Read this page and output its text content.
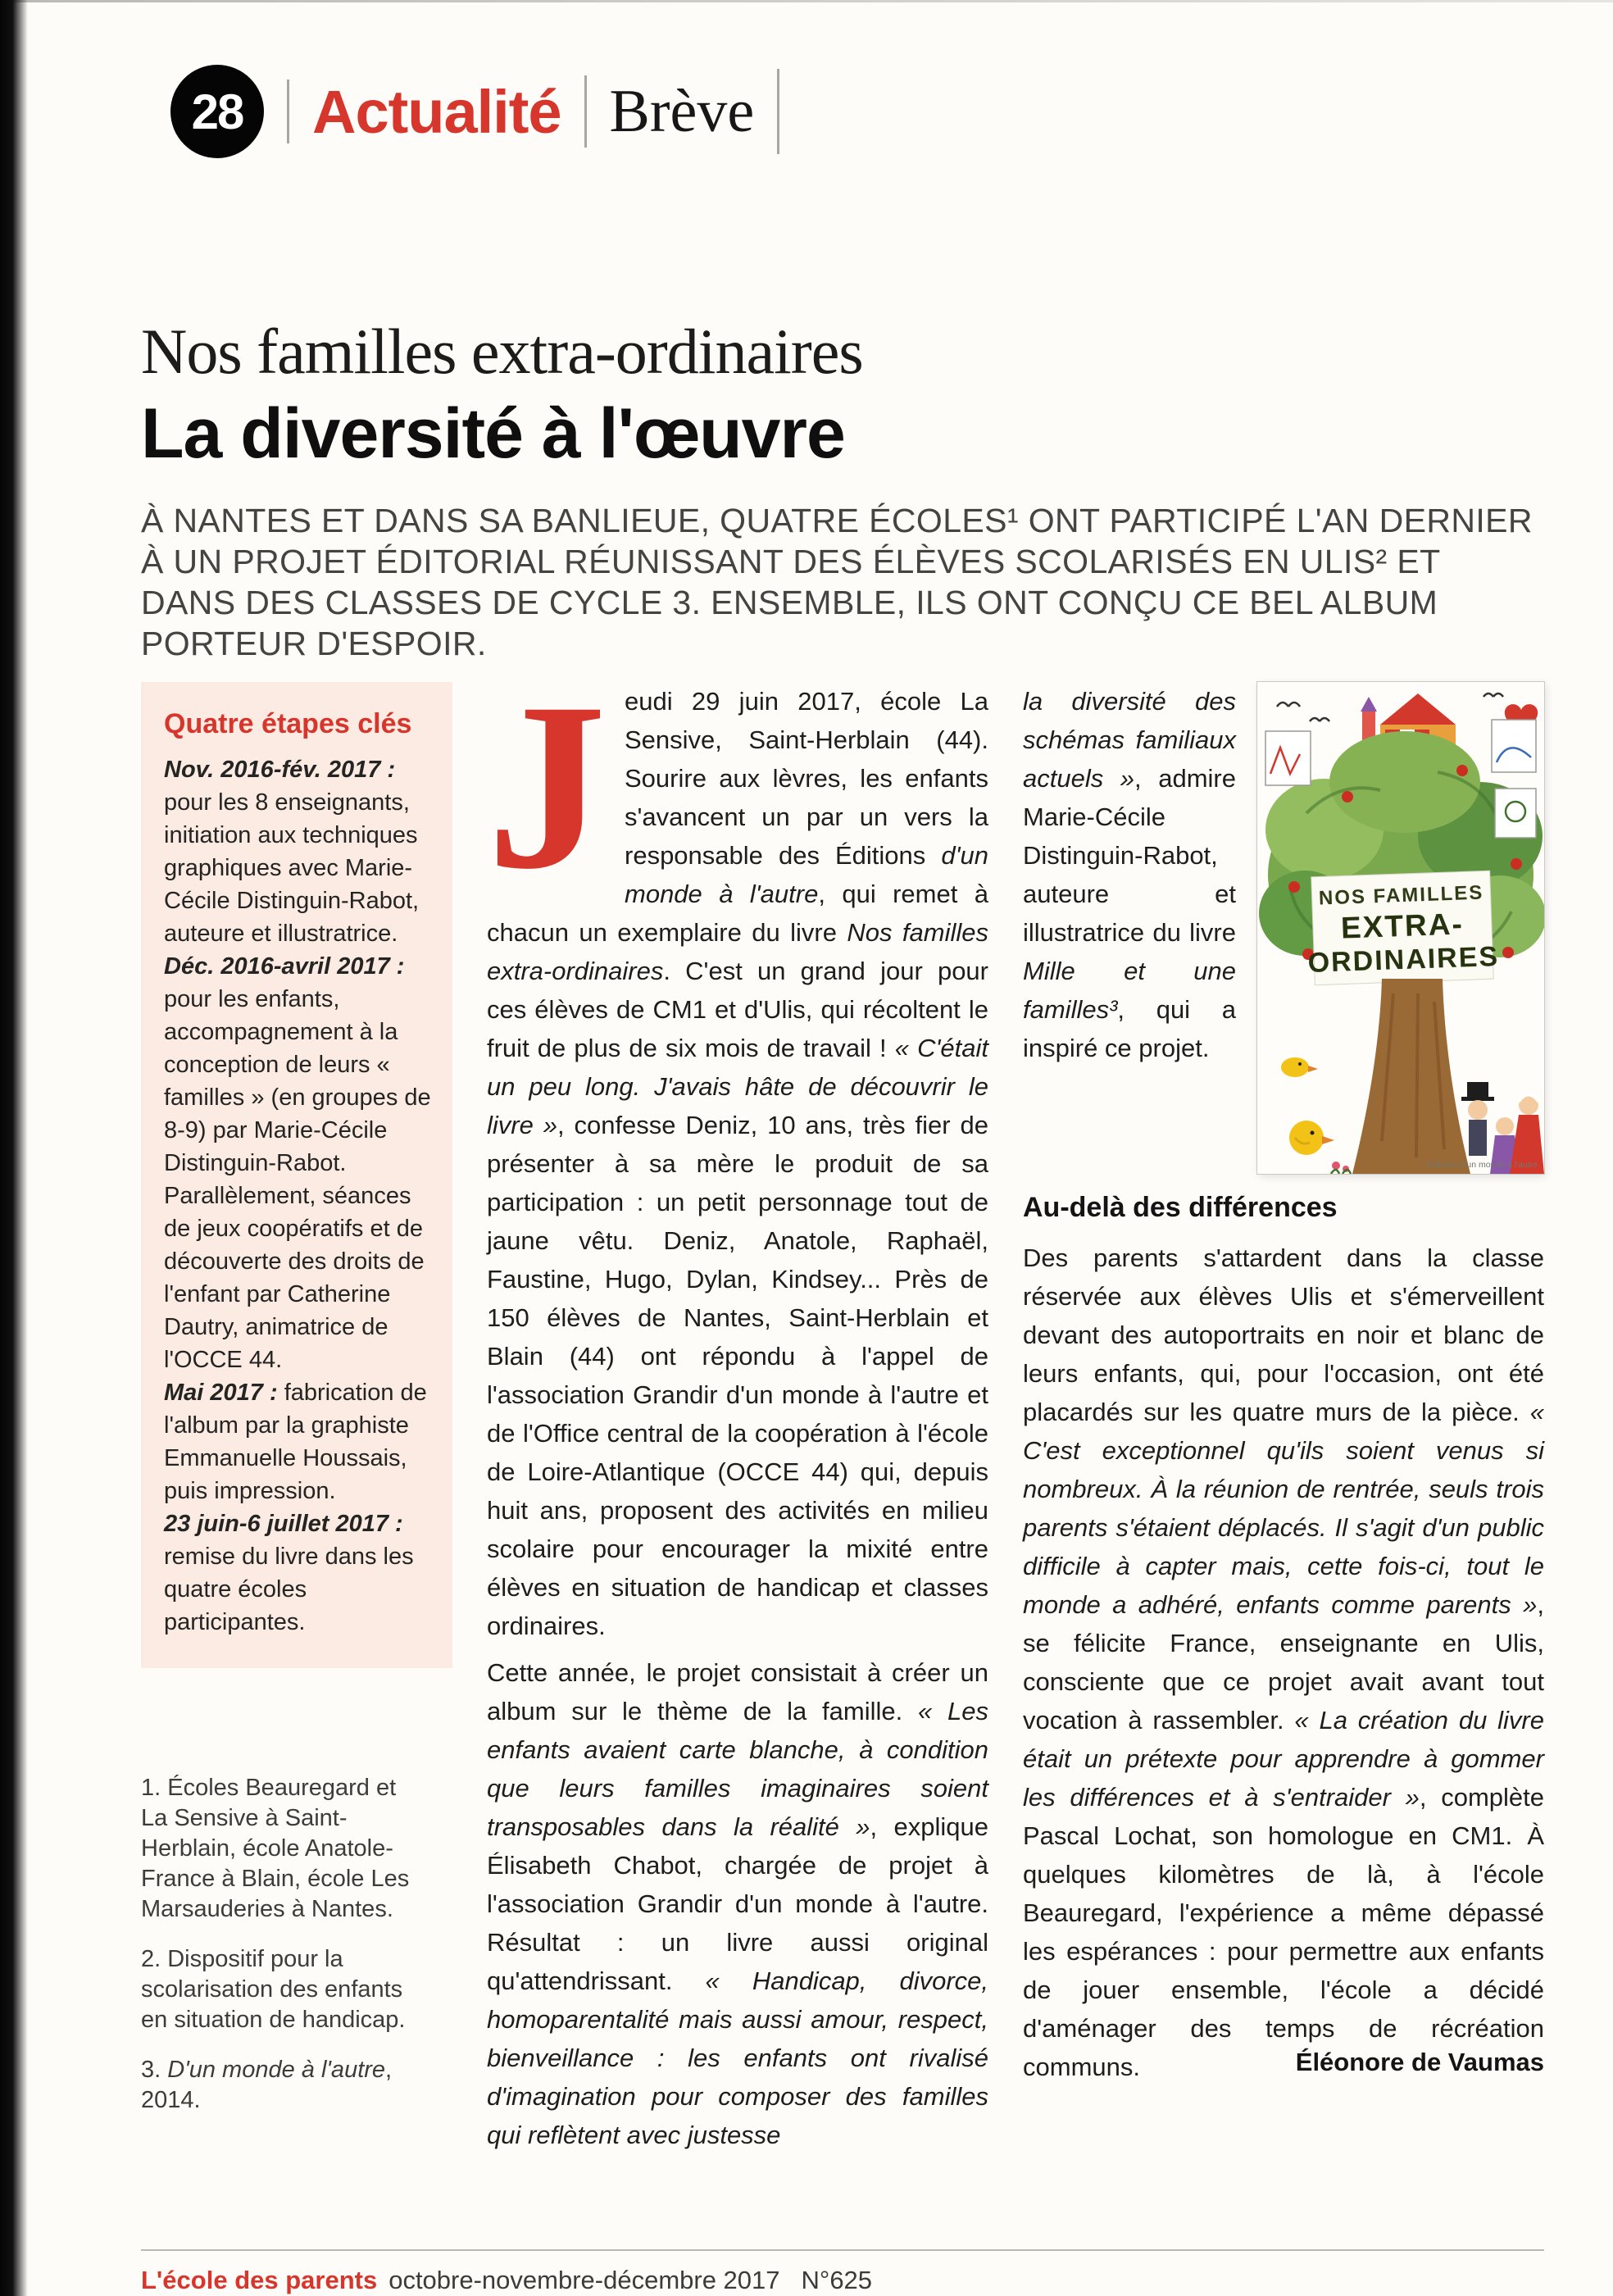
28	Actualité Brève
Nos familles extra-ordinaires
La diversité à l'œuvre
À NANTES ET DANS SA BANLIEUE, QUATRE ÉCOLES¹ ONT PARTICIPÉ L'AN DERNIER À UN PROJET ÉDITORIAL RÉUNISSANT DES ÉLÈVES SCOLARISÉS EN ULIS² ET DANS DES CLASSES DE CYCLE 3. ENSEMBLE, ILS ONT CONÇU CE BEL ALBUM PORTEUR D'ESPOIR.
Quatre étapes clés

Nov. 2016-fév. 2017 : pour les 8 enseignants, initiation aux techniques graphiques avec Marie-Cécile Distinguin-Rabot, auteure et illustratrice.

Déc. 2016-avril 2017 : pour les enfants, accompagnement à la conception de leurs « familles » (en groupes de 8-9) par Marie-Cécile Distinguin-Rabot. Parallèlement, séances de jeux coopératifs et de découverte des droits de l'enfant par Catherine Dautry, animatrice de l'OCCE 44.

Mai 2017 : fabrication de l'album par la graphiste Emmanuelle Houssais, puis impression.

23 juin-6 juillet 2017 : remise du livre dans les quatre écoles participantes.

1. Écoles Beauregard et La Sensive à Saint-Herblain, école Anatole-France à Blain, école Les Marsauderies à Nantes.

2. Dispositif pour la scolarisation des enfants en situation de handicap.

3. D'un monde à l'autre, 2014.

Jeudi 29 juin 2017, école La Sensive, Saint-Herblain (44). Sourire aux lèvres, les enfants s'avancent un par un vers la responsable des Éditions d'un monde à l'autre, qui remet à chacun un exemplaire du livre Nos familles extra-ordinaires. C'est un grand jour pour ces élèves de CM1 et d'Ulis, qui récoltent le fruit de plus de six mois de travail ! « C'était un peu long. J'avais hâte de découvrir le livre », confesse Deniz, 10 ans, très fier de présenter à sa mère le produit de sa participation : un petit personnage tout de jaune vêtu. Deniz, Anatole, Raphaël, Faustine, Hugo, Dylan, Kindsey... Près de 150 élèves de Nantes, Saint-Herblain et Blain (44) ont répondu à l'appel de l'association Grandir d'un monde à l'autre et de l'Office central de la coopération à l'école de Loire-Atlantique (OCCE 44) qui, depuis huit ans, proposent des activités en milieu scolaire pour encourager la mixité entre élèves en situation de handicap et classes ordinaires.

Cette année, le projet consistait à créer un album sur le thème de la famille. « Les enfants avaient carte blanche, à condition que leurs familles imaginaires soient transposables dans la réalité », explique Élisabeth Chabot, chargée de projet à l'association Grandir d'un monde à l'autre. Résultat : un livre aussi original qu'attendrissant. « Handicap, divorce, homoparentalité mais aussi amour, respect, bienveillance : les enfants ont rivalisé d'imagination pour composer des familles qui reflètent avec justesse

NOS FAMILLES
EXTRA-
ORDINAIRES
Éditions d'un monde à l'autre

la diversité des schémas familiaux actuels », admire Marie-Cécile Distinguin-Rabot, auteure et illustratrice du livre Mille et une familles³, qui a inspiré ce projet.

Au-delà des différences

Des parents s'attardent dans la classe réservée aux élèves Ulis et s'émerveillent devant des autoportraits en noir et blanc de leurs enfants, qui, pour l'occasion, ont été placardés sur les quatre murs de la pièce. « C'est exceptionnel qu'ils soient venus si nombreux. À la réunion de rentrée, seuls trois parents s'étaient déplacés. Il s'agit d'un public difficile à capter mais, cette fois-ci, tout le monde a adhéré, enfants comme parents », se félicite France, enseignante en Ulis, consciente que ce projet avait avant tout vocation à rassembler. « La création du livre était un prétexte pour apprendre à gommer les différences et à s'entraider », complète Pascal Lochat, son homologue en CM1. À quelques kilomètres de là, à l'école Beauregard, l'expérience a même dépassé les espérances : pour permettre aux enfants de jouer ensemble, l'école a décidé d'aménager des temps de récréation communs.	Éléonore de Vaumas
L'école des parents octobre-novembre-décembre 2017 N°625
